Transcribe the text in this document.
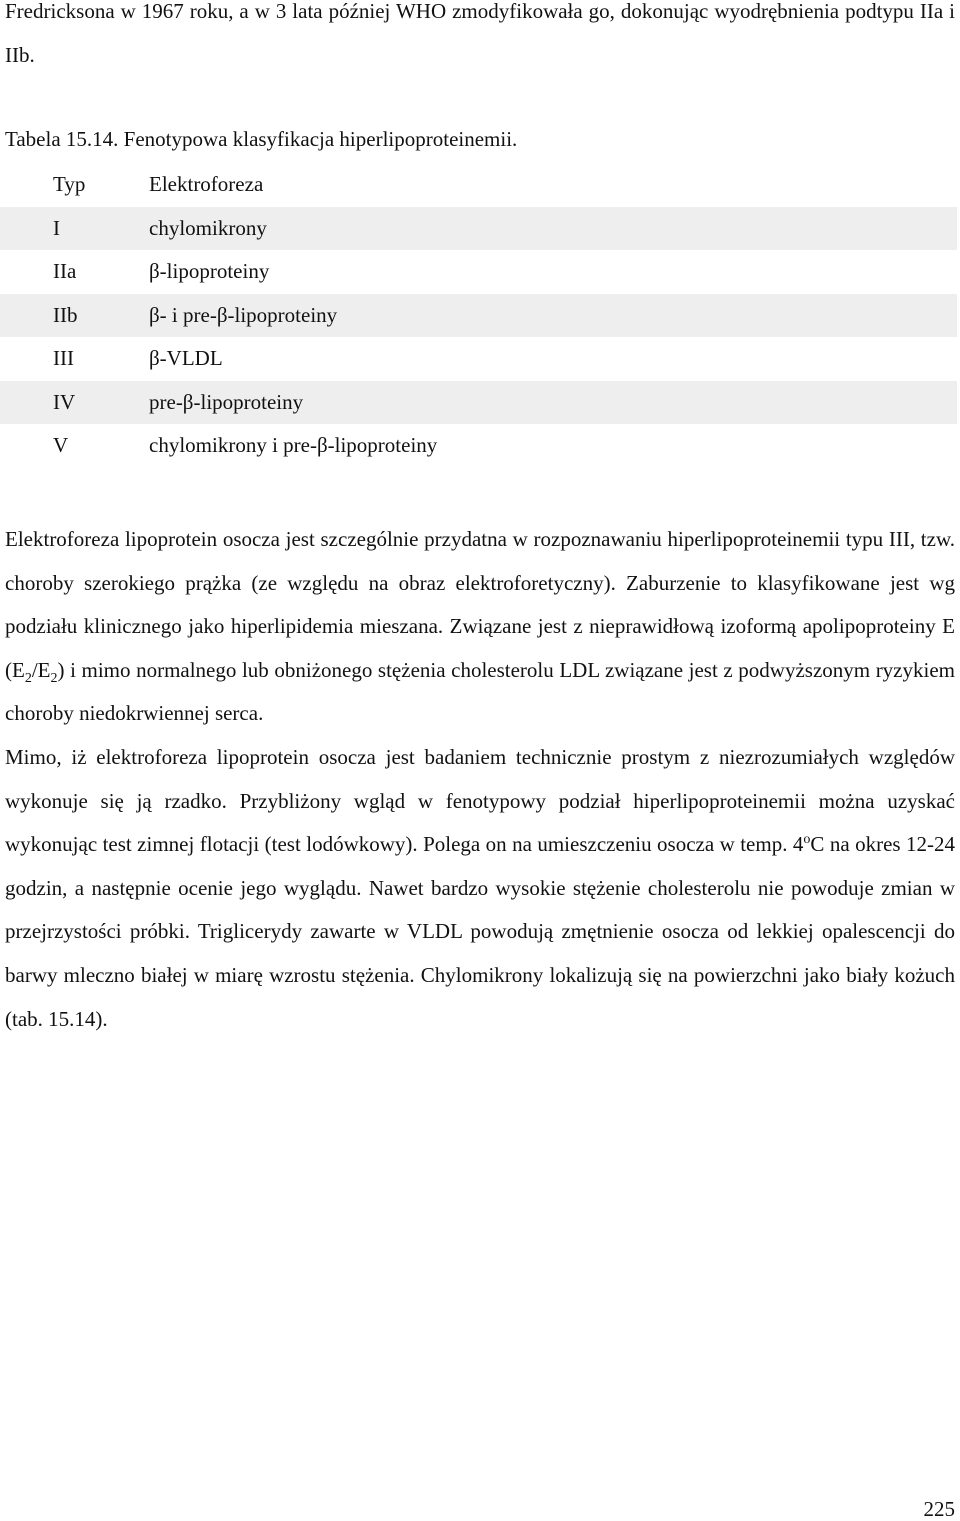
Fredricksona w 1967 roku, a w 3 lata później WHO zmodyfikowała go, dokonując wyodrębnienia podtypu IIa i IIb.

Tabela 15.14. Fenotypowa klasyfikacja hiperlipoproteinemii.

Typ	Elektroforeza
I	chylomikrony
IIa	β-lipoproteiny
IIb	β- i pre-β-lipoproteiny
III	β-VLDL
IV	pre-β-lipoproteiny
V	chylomikrony i pre-β-lipoproteiny
Elektroforeza lipoprotein osocza jest szczególnie przydatna w rozpoznawaniu hiperlipoproteinemii typu III, tzw. choroby szerokiego prążka (ze względu na obraz elektroforetyczny). Zaburzenie to klasyfikowane jest wg podziału klinicznego jako hiperlipidemia mieszana. Związane jest z nieprawidłową izoformą apolipoproteiny E $(E_2/E_2)$ i mimo normalnego lub obniżonego stężenia cholesterolu LDL związane jest z podwyższonym ryzykiem choroby niedokrwiennej serca.
Mimo, iż elektroforeza lipoprotein osocza jest badaniem technicznie prostym z niezrozumiałych względów wykonuje się ją rzadko. Przybliżony wgląd w fenotypowy podział hiperlipoproteinemii można uzyskać wykonując test zimnej flotacji (test lodówkowy). Polega on na umieszczeniu osocza w temp. 4$^o$C na okres 12-24 godzin, a następnie ocenie jego wyglądu. Nawet bardzo wysokie stężenie cholesterolu nie powoduje zmian w przejrzystości próbki. Triglicerydy zawarte w VLDL powodują zmętnienie osocza od lekkiej opalescencji do barwy mleczno białej w miarę wzrostu stężenia. Chylomikrony lokalizują się na powierzchni jako biały kożuch (tab. 15.14).
225
